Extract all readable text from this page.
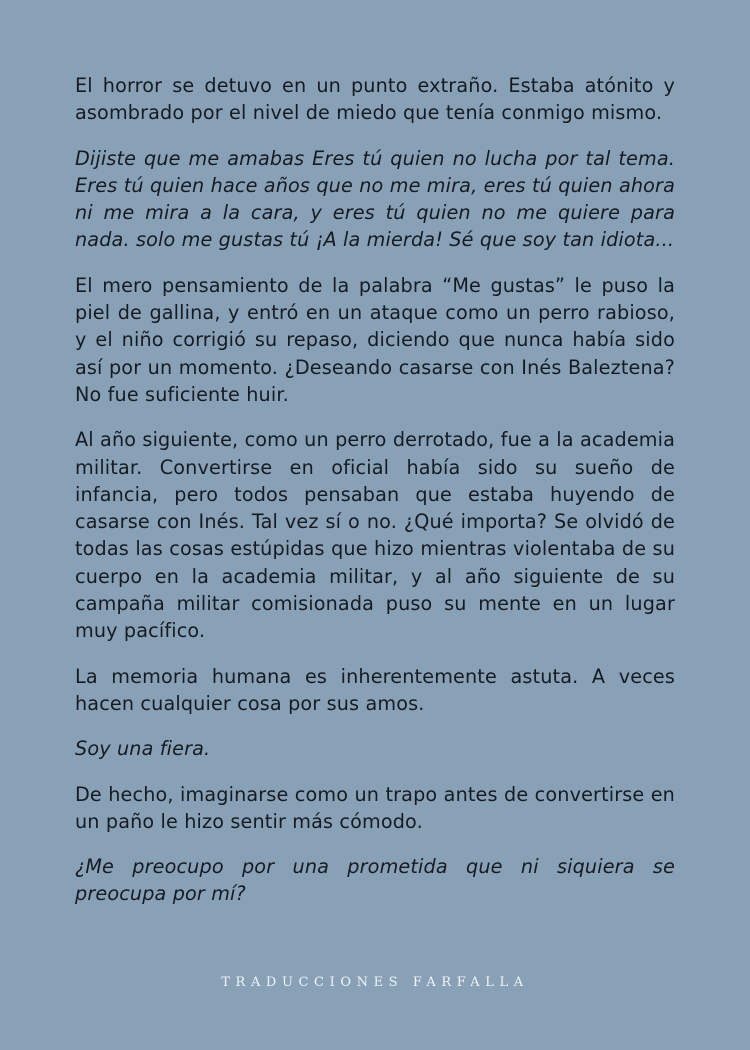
El horror se detuvo en un punto extraño. Estaba atónito y asombrado por el nivel de miedo que tenía conmigo mismo.

Dijiste que me amabas Eres tú quien no lucha por tal tema. Eres tú quien hace años que no me mira, eres tú quien ahora ni me mira a la cara, y eres tú quien no me quiere para nada. solo me gustas tú ¡A la mierda! Sé que soy tan idiota...

El mero pensamiento de la palabra “Me gustas” le puso la piel de gallina, y entró en un ataque como un perro rabioso, y el niño corrigió su repaso, diciendo que nunca había sido así por un momento. ¿Deseando casarse con Inés Baleztena? No fue suficiente huir.

Al año siguiente, como un perro derrotado, fue a la academia militar. Convertirse en oficial había sido su sueño de infancia, pero todos pensaban que estaba huyendo de casarse con Inés. Tal vez sí o no. ¿Qué importa? Se olvidó de todas las cosas estúpidas que hizo mientras violentaba de su cuerpo en la academia militar, y al año siguiente de su campaña militar comisionada puso su mente en un lugar muy pacífico.

La memoria humana es inherentemente astuta. A veces hacen cualquier cosa por sus amos.

Soy una fiera.

De hecho, imaginarse como un trapo antes de convertirse en un paño le hizo sentir más cómodo.

¿Me preocupo por una prometida que ni siquiera se preocupa por mí?

TRADUCCIONES FARFALLA
